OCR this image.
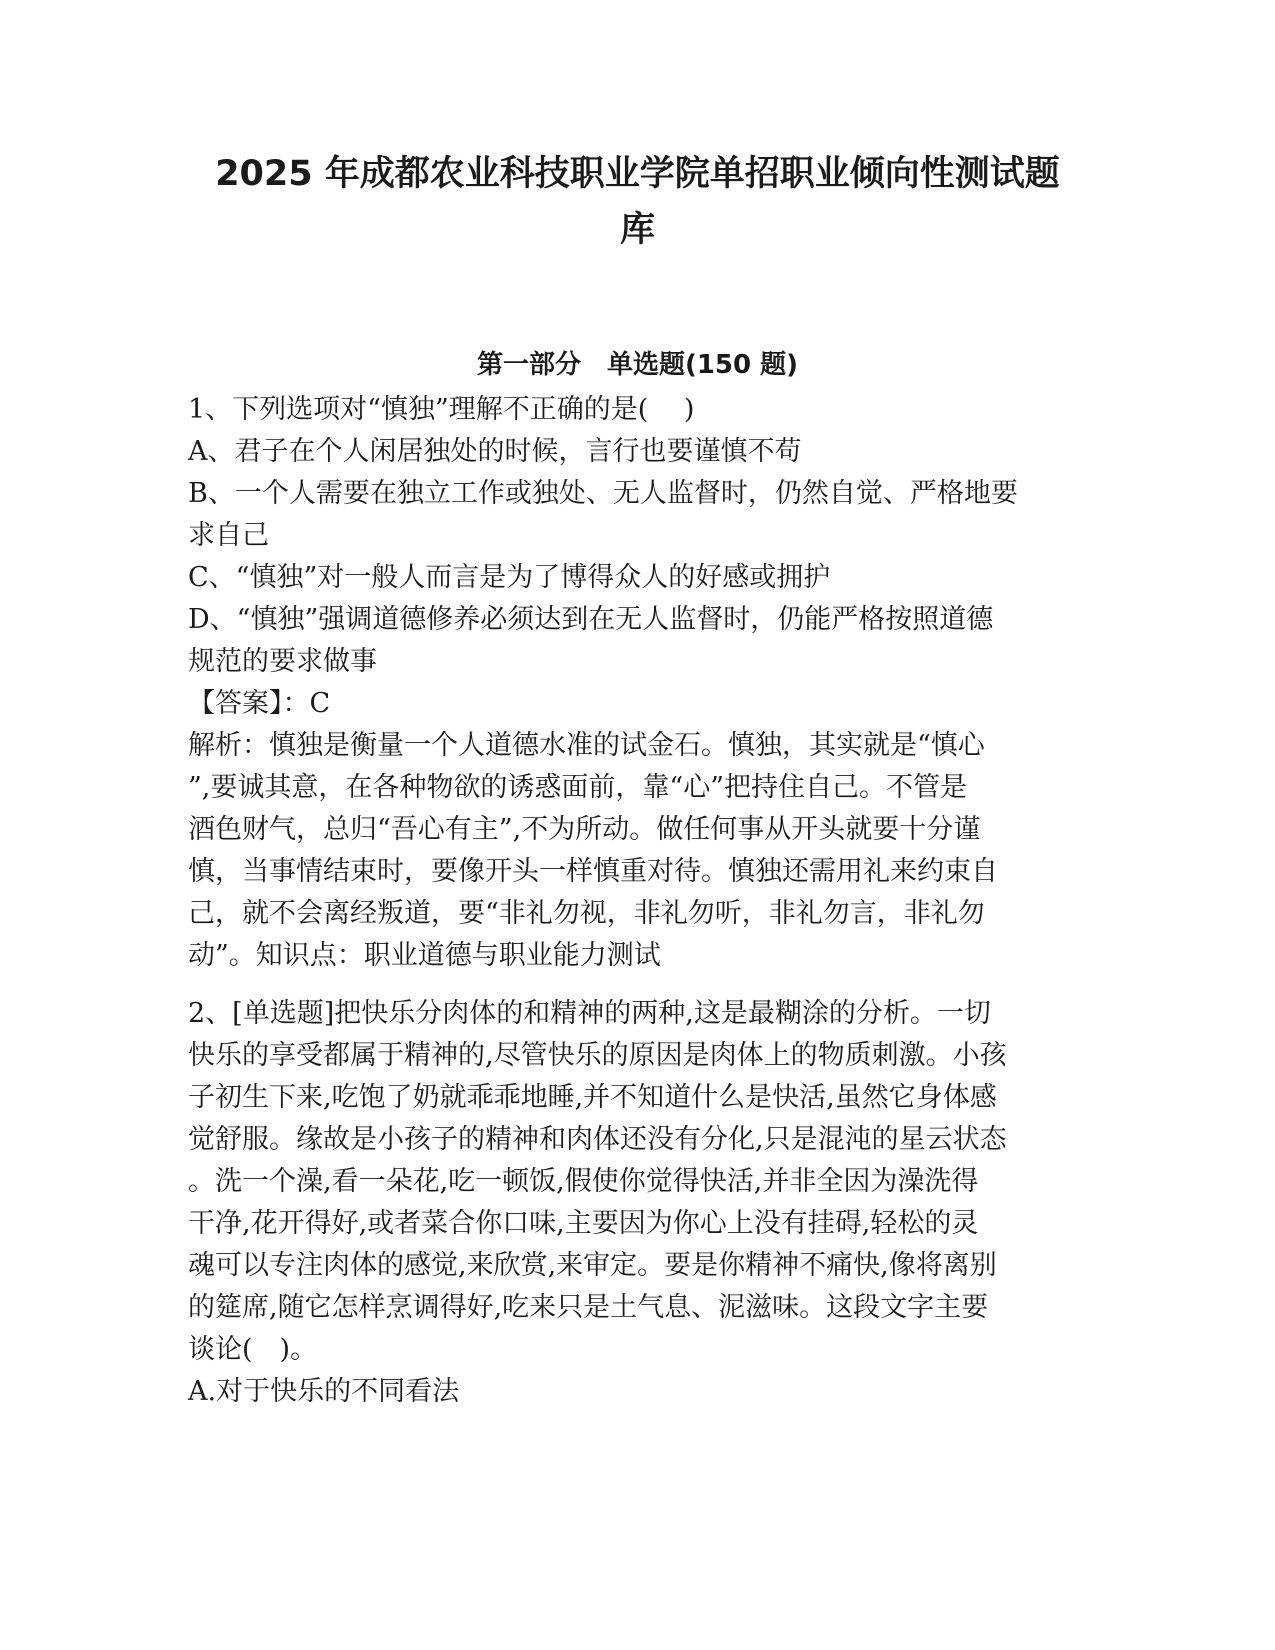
2025 年成都农业科技职业学院单招职业倾向性测试题
库
第一部分　单选题(150 题)

1、下列选项对“慎独”理解不正确的是(　 )

A、君子在个人闲居独处的时候，言行也要谨慎不苟

B、一个人需要在独立工作或独处、无人监督时，仍然自觉、严格地要

求自己

C、“慎独”对一般人而言是为了博得众人的好感或拥护

D、“慎独”强调道德修养必须达到在无人监督时，仍能严格按照道德

规范的要求做事

【答案】：C

解析：慎独是衡量一个人道德水准的试金石。慎独，其实就是“慎心

”,要诚其意，在各种物欲的诱惑面前，靠“心”把持住自己。不管是

酒色财气，总归“吾心有主”,不为所动。做任何事从开头就要十分谨

慎，当事情结束时，要像开头一样慎重对待。慎独还需用礼来约束自

己，就不会离经叛道，要“非礼勿视，非礼勿听，非礼勿言，非礼勿

动”。知识点：职业道德与职业能力测试

2、[单选题]把快乐分肉体的和精神的两种,这是最糊涂的分析。一切

快乐的享受都属于精神的,尽管快乐的原因是肉体上的物质刺激。小孩

子初生下来,吃饱了奶就乖乖地睡,并不知道什么是快活,虽然它身体感

觉舒服。缘故是小孩子的精神和肉体还没有分化,只是混沌的星云状态

。洗一个澡,看一朵花,吃一顿饭,假使你觉得快活,并非全因为澡洗得

干净,花开得好,或者菜合你口味,主要因为你心上没有挂碍,轻松的灵

魂可以专注肉体的感觉,来欣赏,来审定。要是你精神不痛快,像将离别

的筵席,随它怎样烹调得好,吃来只是土气息、泥滋味。这段文字主要

谈论(　)。

A.对于快乐的不同看法
